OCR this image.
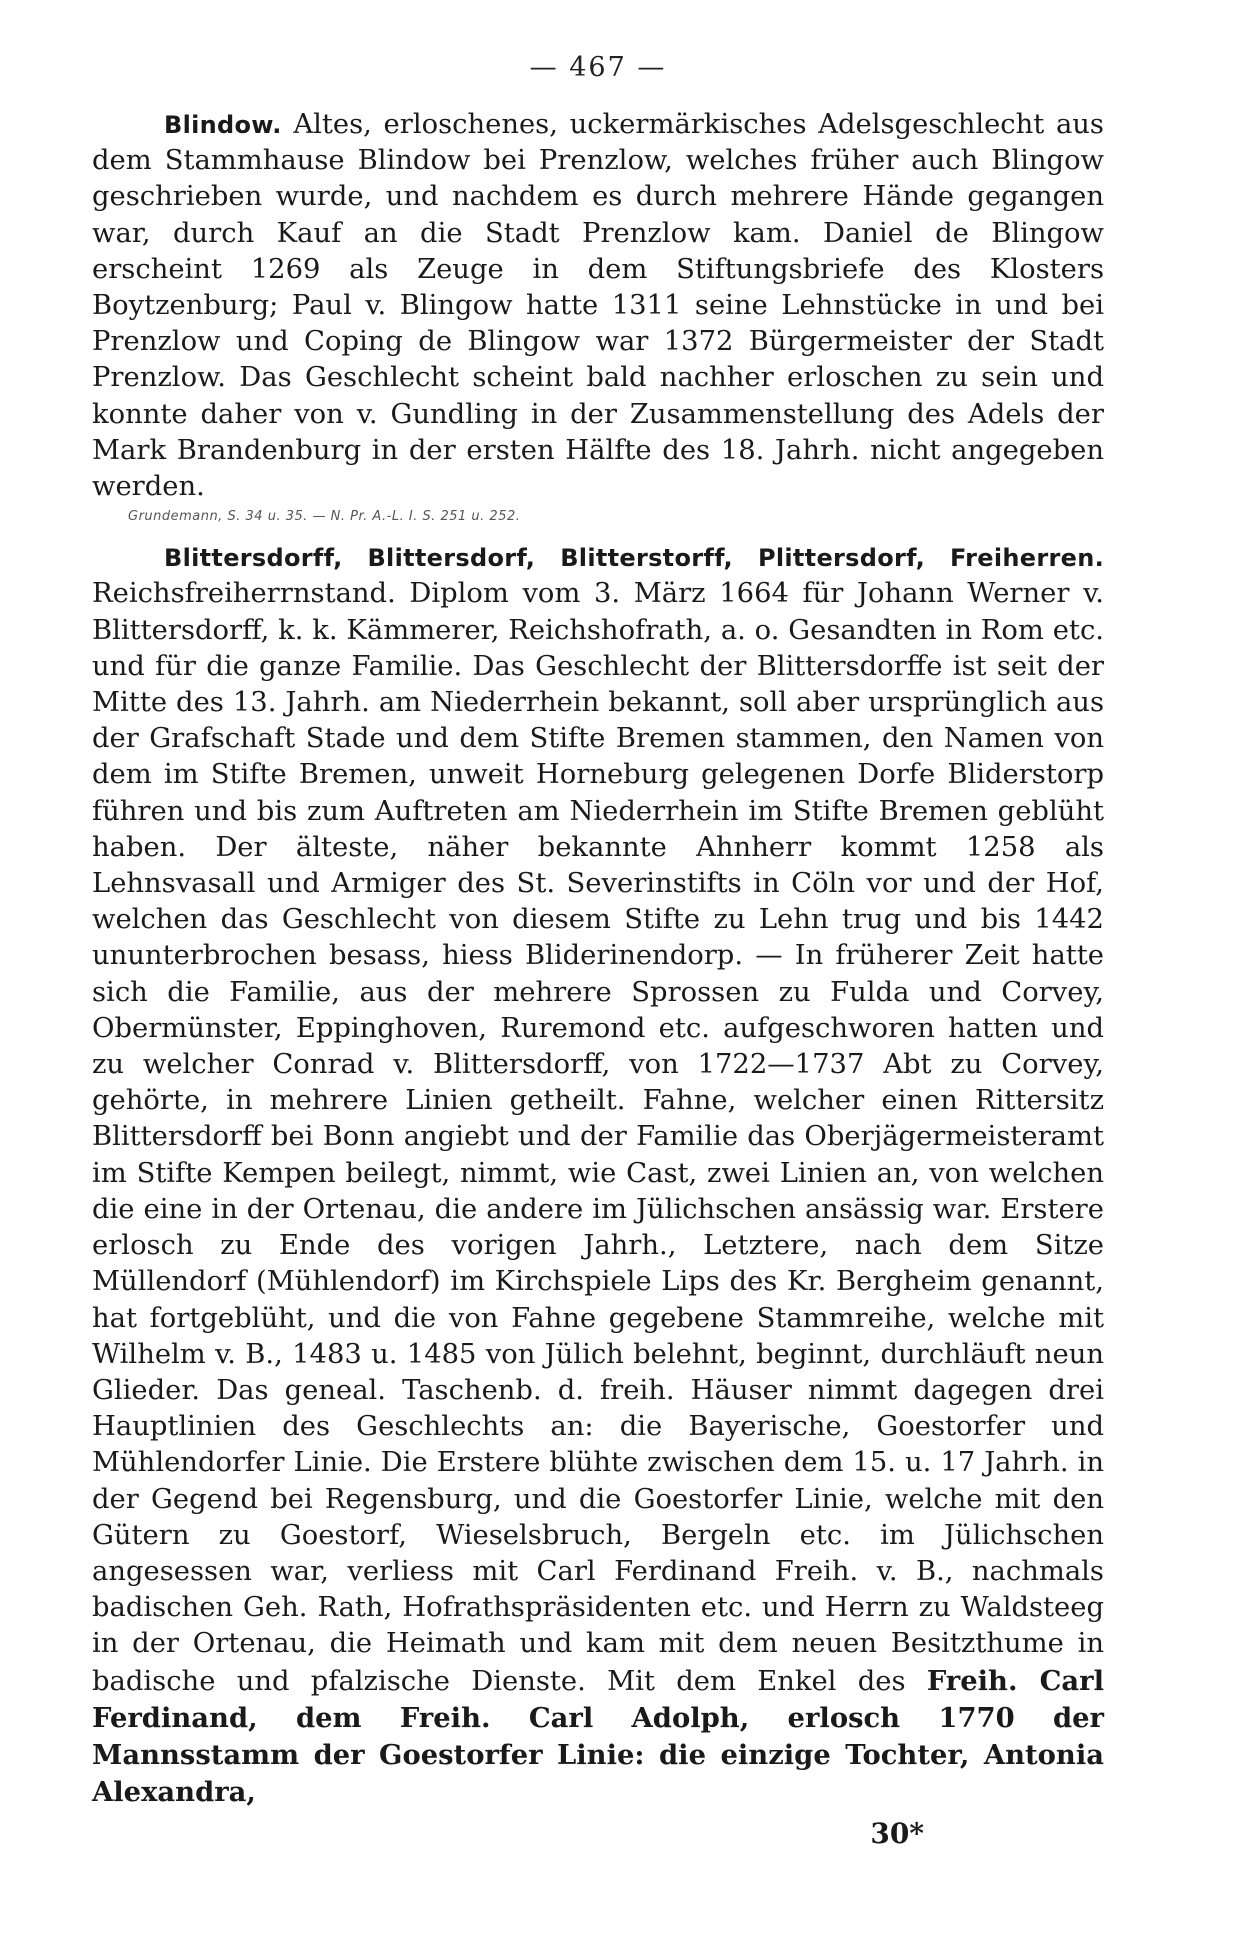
— 467 —

Blindow. Altes, erloschenes, uckermärkisches Adelsgeschlecht aus dem Stammhause Blindow bei Prenzlow, welches früher auch Blingow geschrieben wurde, und nachdem es durch mehrere Hände gegangen war, durch Kauf an die Stadt Prenzlow kam. Daniel de Blingow erscheint 1269 als Zeuge in dem Stiftungsbriefe des Klosters Boytzenburg; Paul v. Blingow hatte 1311 seine Lehnstücke in und bei Prenzlow und Coping de Blingow war 1372 Bürgermeister der Stadt Prenzlow. Das Geschlecht scheint bald nachher erloschen zu sein und konnte daher von v. Gundling in der Zusammenstellung des Adels der Mark Brandenburg in der ersten Hälfte des 18. Jahrh. nicht angegeben werden.

Grundemann, S. 34 u. 35. — N. Pr. A.-L. I. S. 251 u. 252.

Blittersdorff, Blittersdorf, Blitterstorff, Plittersdorf, Freiherren. Reichsfreiherrnstand. Diplom vom 3. März 1664 für Johann Werner v. Blittersdorff, k. k. Kämmerer, Reichshofrath, a. o. Gesandten in Rom etc. und für die ganze Familie. Das Geschlecht der Blittersdorffe ist seit der Mitte des 13. Jahrh. am Niederrhein bekannt, soll aber ursprünglich aus der Grafschaft Stade und dem Stifte Bremen stammen, den Namen von dem im Stifte Bremen, unweit Horneburg gelegenen Dorfe Bliderstorp führen und bis zum Auftreten am Niederrhein im Stifte Bremen geblüht haben. Der älteste, näher bekannte Ahnherr kommt 1258 als Lehnsvasall und Armiger des St. Severinstifts in Cöln vor und der Hof, welchen das Geschlecht von diesem Stifte zu Lehn trug und bis 1442 ununterbrochen besass, hiess Bliderinendorp. — In früherer Zeit hatte sich die Familie, aus der mehrere Sprossen zu Fulda und Corvey, Obermünster, Eppinghoven, Ruremond etc. aufgeschworen hatten und zu welcher Conrad v. Blittersdorff, von 1722—1737 Abt zu Corvey, gehörte, in mehrere Linien getheilt. Fahne, welcher einen Rittersitz Blittersdorff bei Bonn angiebt und der Familie das Oberjägermeisteramt im Stifte Kempen beilegt, nimmt, wie Cast, zwei Linien an, von welchen die eine in der Ortenau, die andere im Jülichschen ansässig war. Erstere erlosch zu Ende des vorigen Jahrh., Letztere, nach dem Sitze Müllendorf (Mühlendorf) im Kirchspiele Lips des Kr. Bergheim genannt, hat fortgeblüht, und die von Fahne gegebene Stammreihe, welche mit Wilhelm v. B., 1483 u. 1485 von Jülich belehnt, beginnt, durchläuft neun Glieder. Das geneal. Taschenb. d. freih. Häuser nimmt dagegen drei Hauptlinien des Geschlechts an: die Bayerische, Goestorfer und Mühlendorfer Linie. Die Erstere blühte zwischen dem 15. u. 17 Jahrh. in der Gegend bei Regensburg, und die Goestorfer Linie, welche mit den Gütern zu Goestorf, Wieselsbruch, Bergeln etc. im Jülichschen angesessen war, verliess mit Carl Ferdinand Freih. v. B., nachmals badischen Geh. Rath, Hofrathspräsidenten etc. und Herrn zu Waldsteeg in der Ortenau, die Heimath und kam mit dem neuen Besitzthume in badische und pfalzische Dienste. Mit dem Enkel des Freih. Carl Ferdinand, dem Freih. Carl Adolph, erlosch 1770 der Mannsstamm der Goestorfer Linie: die einzige Tochter, Antonia Alexandra,

30*
